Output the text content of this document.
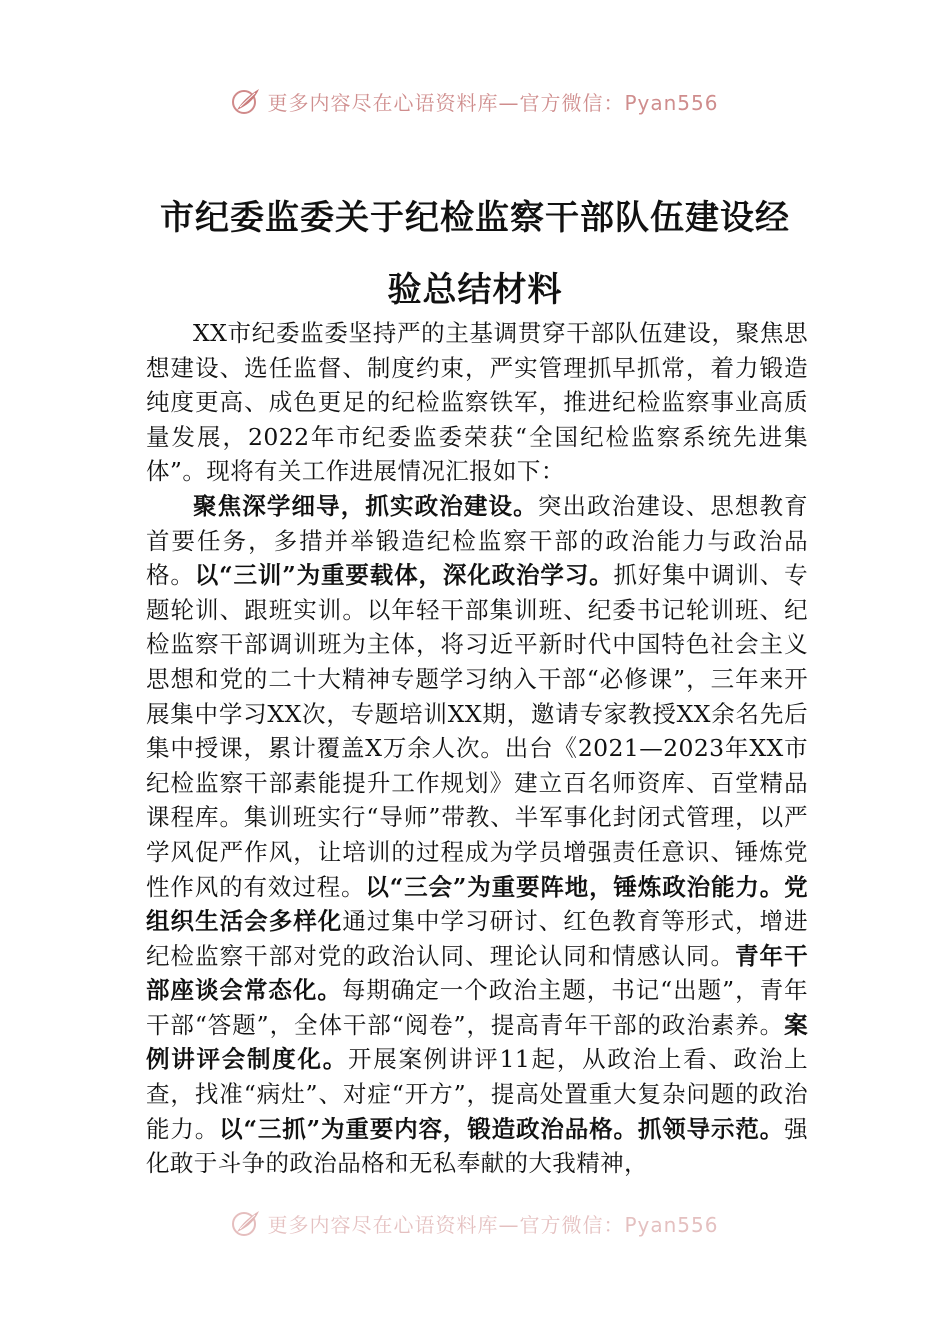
更多内容尽在心语资料库—官方微信：Pyan556
市纪委监委关于纪检监察干部队伍建设经
验总结材料

XX市纪委监委坚持严的主基调贯穿干部队伍建设，聚焦思想建设、选任监督、制度约束，严实管理抓早抓常，着力锻造纯度更高、成色更足的纪检监察铁军，推进纪检监察事业高质量发展，2022年市纪委监委荣获“全国纪检监察系统先进集体”。现将有关工作进展情况汇报如下：

聚焦深学细导，抓实政治建设。突出政治建设、思想教育首要任务，多措并举锻造纪检监察干部的政治能力与政治品格。以“三训”为重要载体，深化政治学习。抓好集中调训、专题轮训、跟班实训。以年轻干部集训班、纪委书记轮训班、纪检监察干部调训班为主体，将习近平新时代中国特色社会主义思想和党的二十大精神专题学习纳入干部“必修课”，三年来开展集中学习XX次，专题培训XX期，邀请专家教授XX余名先后集中授课，累计覆盖X万余人次。出台《2021—2023年XX市纪检监察干部素能提升工作规划》建立百名师资库、百堂精品课程库。集训班实行“导师”带教、半军事化封闭式管理，以严学风促严作风，让培训的过程成为学员增强责任意识、锤炼党性作风的有效过程。以“三会”为重要阵地，锤炼政治能力。党组织生活会多样化通过集中学习研讨、红色教育等形式，增进纪检监察干部对党的政治认同、理论认同和情感认同。青年干部座谈会常态化。每期确定一个政治主题，书记“出题”，青年干部“答题”，全体干部“阅卷”，提高青年干部的政治素养。案例讲评会制度化。开展案例讲评11起，从政治上看、政治上查，找准“病灶”、对症“开方”，提高处置重大复杂问题的政治能力。以“三抓”为重要内容，锻造政治品格。抓领导示范。强化敢于斗争的政治品格和无私奉献的大我精神，

更多内容尽在心语资料库—官方微信：Pyan556
